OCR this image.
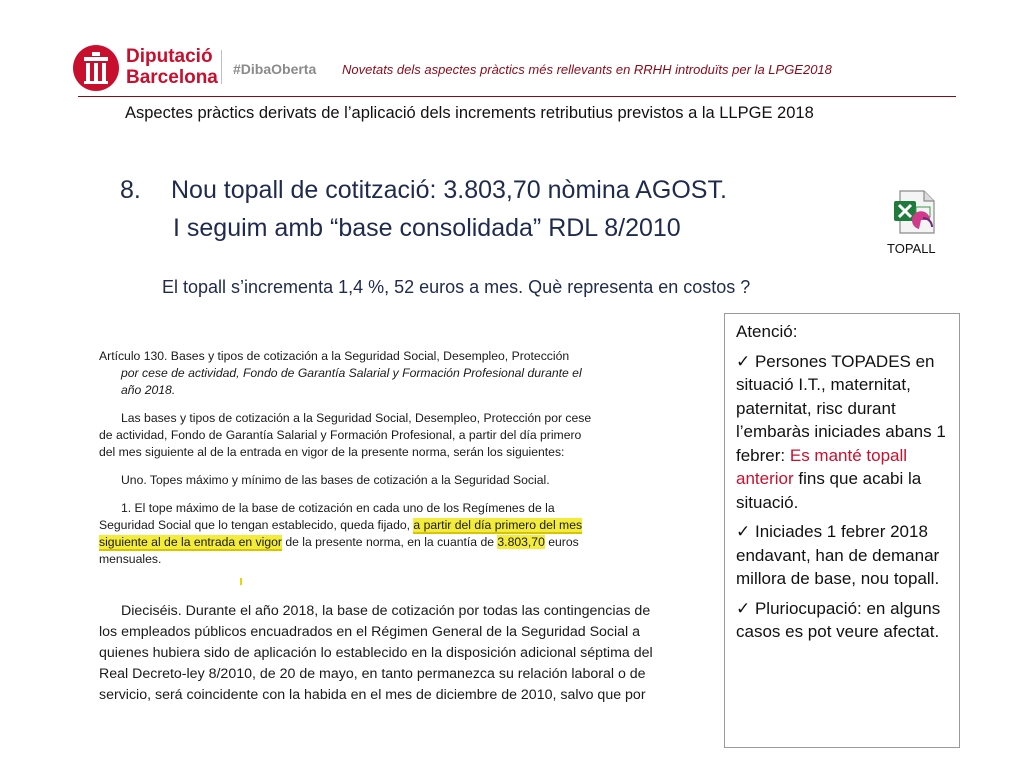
Diputació
Barcelona #DibaOberta Novetats dels aspectes pràctics més rellevants en RRHH introduïts per la LPGE2018
Aspectes pràctics derivats de l’aplicació dels increments retributius previstos a la LLPGE 2018
8. Nou topall de cotització: 3.803,70 nòmina AGOST.
I seguim amb “base consolidada” RDL 8/2010
TOPALL
El topall s’incrementa 1,4 %, 52 euros a mes. Què representa en costos ?
Artículo 130. Bases y tipos de cotización a la Seguridad Social, Desempleo, Protección
por cese de actividad, Fondo de Garantía Salarial y Formación Profesional durante el
año 2018.
Las bases y tipos de cotización a la Seguridad Social, Desempleo, Protección por cese
de actividad, Fondo de Garantía Salarial y Formación Profesional, a partir del día primero
del mes siguiente al de la entrada en vigor de la presente norma, serán los siguientes:
Uno. Topes máximo y mínimo de las bases de cotización a la Seguridad Social.
1. El tope máximo de la base de cotización en cada uno de los Regímenes de la
Seguridad Social que lo tengan establecido, queda fijado, a partir del día primero del mes
siguiente al de la entrada en vigor de la presente norma, en la cuantía de 3.803,70 euros
mensuales.
Dieciséis. Durante el año 2018, la base de cotización por todas las contingencias de
los empleados públicos encuadrados en el Régimen General de la Seguridad Social a
quienes hubiera sido de aplicación lo establecido en la disposición adicional séptima del
Real Decreto-ley 8/2010, de 20 de mayo, en tanto permanezca su relación laboral o de
servicio, será coincidente con la habida en el mes de diciembre de 2010, salvo que por
Atenció:
✓ Persones TOPADES en situació I.T., maternitat, paternitat, risc durant l’embaràs iniciades abans 1 febrer: Es manté topall anterior fins que acabi la situació.
✓ Iniciades 1 febrer 2018 endavant, han de demanar millora de base, nou topall.
✓ Pluriocupació: en alguns casos es pot veure afectat.
